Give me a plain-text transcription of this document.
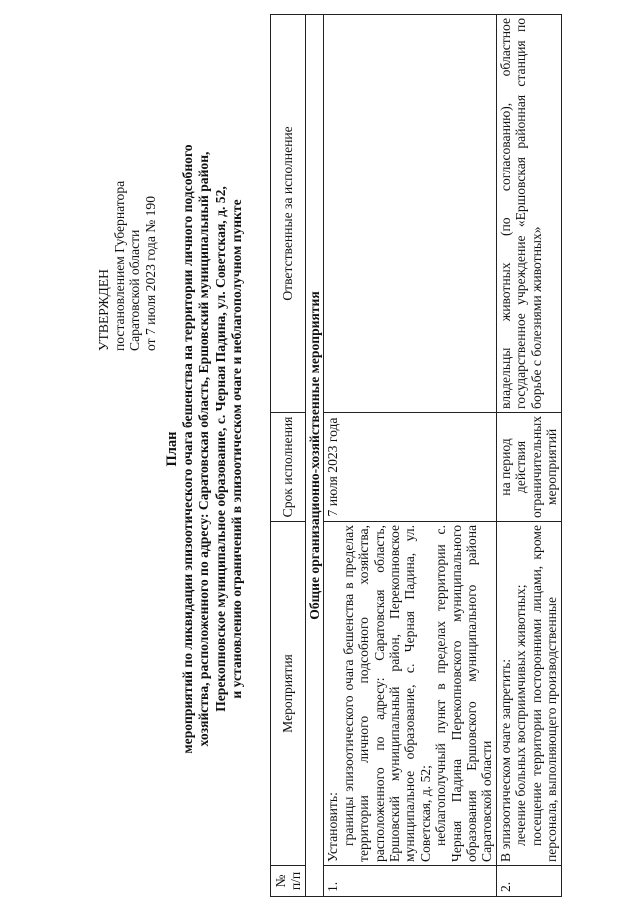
УТВЕРЖДЕН постановлением Губернатора Саратовской области от 7 июля 2023 года № 190
План мероприятий по ликвидации эпизоотического очага бешенства на территории личного подсобного хозяйства, расположенного по адресу: Саратовская область, Ершовский муниципальный район, Перекопновское муниципальное образование, с. Черная Падина, ул. Советская, д. 52, и установлению ограничений в эпизоотическом очаге и неблагополучном пункте
№ п/п	Мероприятия	Срок исполнения	Ответственные за исполнение
Общие организационно-хозяйственные мероприятия			
1.	Установить: границы эпизоотического очага бешенства в пределах территории личного подсобного хозяйства, расположенного по адресу: Саратовская область, Ершовский муниципальный район, Перекопновское муниципальное образование, с. Черная Падина, ул. Советская, д. 52; неблагополучный пункт в пределах территории с. Черная Падина Перекопновского муниципального образования Ершовского муниципального района Саратовской области	7 июля 2023 года	
2.	В эпизоотическом очаге запретить: лечение больных восприимчивых животных; посещение территории посторонними лицами, кроме персонала, выполняющего производственные	на период действия ограничительных мероприятий	владельцы животных (по согласованию), областное государственное учреждение «Ершовская районная станция по борьбе с болезнями животных»
